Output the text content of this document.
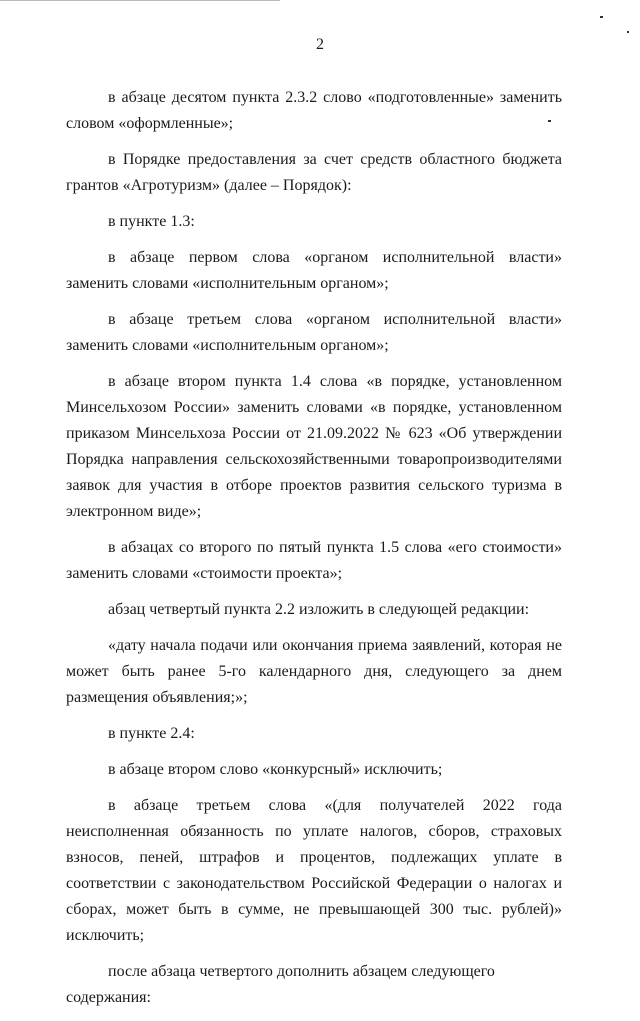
2

в абзаце десятом пункта 2.3.2 слово «подготовленные» заменить словом «оформленные»;

в Порядке предоставления за счет средств областного бюджета грантов «Агротуризм» (далее – Порядок):

в пункте 1.3:

в абзаце первом слова «органом исполнительной власти» заменить словами «исполнительным органом»;

в абзаце третьем слова «органом исполнительной власти» заменить словами «исполнительным органом»;

в абзаце втором пункта 1.4 слова «в порядке, установленном Минсельхозом России» заменить словами «в порядке, установленном приказом Минсельхоза России от 21.09.2022 № 623 «Об утверждении Порядка направления сельскохозяйственными товаропроизводителями заявок для участия в отборе проектов развития сельского туризма в электронном виде»;

в абзацах со второго по пятый пункта 1.5 слова «его стоимости» заменить словами «стоимости проекта»;

абзац четвертый пункта 2.2 изложить в следующей редакции:

«дату начала подачи или окончания приема заявлений, которая не может быть ранее 5-го календарного дня, следующего за днем размещения объявления;»;

в пункте 2.4:

в абзаце втором слово «конкурсный» исключить;

в абзаце третьем слова «(для получателей 2022 года неисполненная обязанность по уплате налогов, сборов, страховых взносов, пеней, штрафов и процентов, подлежащих уплате в соответствии с законодательством Российской Федерации о налогах и сборах, может быть в сумме, не превышающей 300 тыс. рублей)» исключить;

после абзаца четвертого дополнить абзацем следующего содержания:
